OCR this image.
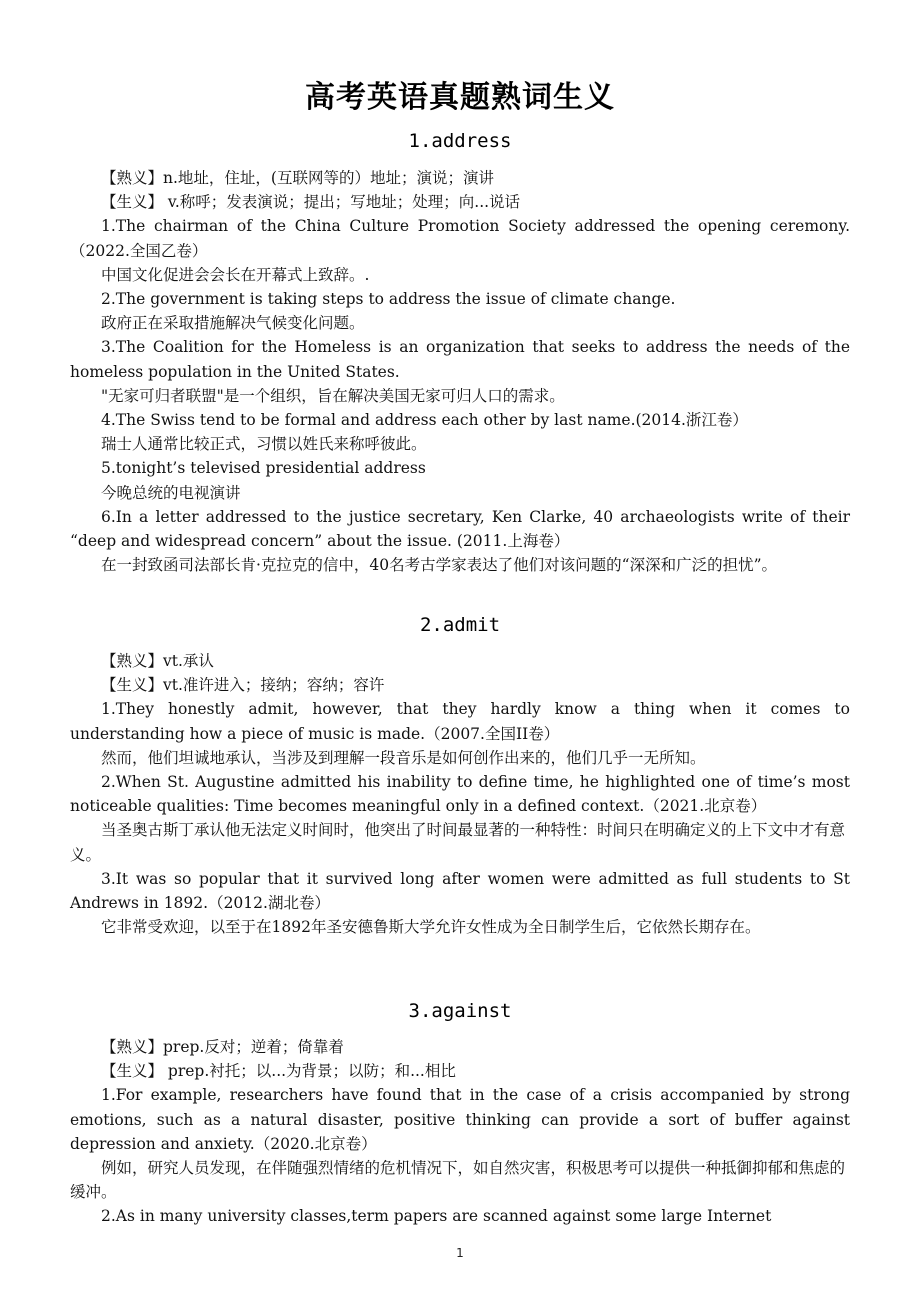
高考英语真题熟词生义
1.address

【熟义】n.地址，住址，(互联网等的）地址；演说；演讲

【生义】 v.称呼；发表演说；提出；写地址；处理；向...说话

1.The chairman of the China Culture Promotion Society addressed the opening ceremony.（2022.全国乙卷）

中国文化促进会会长在开幕式上致辞。.

2.The government is taking steps to address the issue of climate change.

政府正在采取措施解决气候变化问题。

3.The Coalition for the Homeless is an organization that seeks to address the needs of the homeless population in the United States.

"无家可归者联盟"是一个组织，旨在解决美国无家可归人口的需求。

4.The Swiss tend to be formal and address each other by last name.(2014.浙江卷）

瑞士人通常比较正式，习惯以姓氏来称呼彼此。

5.tonight’s televised presidential address

今晚总统的电视演讲

6.In a letter addressed to the justice secretary, Ken Clarke, 40 archaeologists write of their “deep and widespread concern” about the issue. (2011.上海卷）

在一封致函司法部长肯·克拉克的信中，40名考古学家表达了他们对该问题的“深深和广泛的担忧”。

2.admit

【熟义】vt.承认

【生义】vt.准许进入；接纳；容纳；容许

1.They honestly admit, however, that they hardly know a thing when it comes to understanding how a piece of music is made.（2007.全国II卷）

然而，他们坦诚地承认，当涉及到理解一段音乐是如何创作出来的，他们几乎一无所知。

2.When St. Augustine admitted his inability to define time, he highlighted one of time’s most noticeable qualities: Time becomes meaningful only in a defined context.（2021.北京卷）

当圣奥古斯丁承认他无法定义时间时，他突出了时间最显著的一种特性：时间只在明确定义的上下文中才有意义。

3.It was so popular that it survived long after women were admitted as full students to St Andrews in 1892.（2012.湖北卷）

它非常受欢迎，以至于在1892年圣安德鲁斯大学允许女性成为全日制学生后，它依然长期存在。

3.against

【熟义】prep.反对；逆着；倚靠着

【生义】 prep.衬托；以...为背景；以防；和...相比

1.For example, researchers have found that in the case of a crisis accompanied by strong emotions, such as a natural disaster, positive thinking can provide a sort of buffer against depression and anxiety.（2020.北京卷）

例如，研究人员发现，在伴随强烈情绪的危机情况下，如自然灾害，积极思考可以提供一种抵御抑郁和焦虑的缓冲。

2.As in many university classes,term papers are scanned against some large Internet

1
